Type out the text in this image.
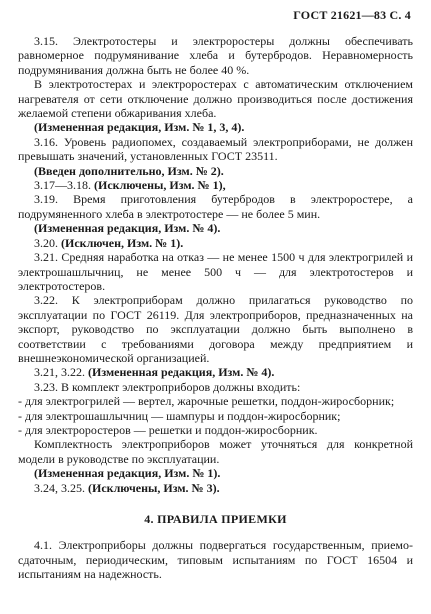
ГОСТ 21621—83 С. 4

3.15. Электротостеры и электроростеры должны обеспечивать равномерное подрумянивание хлеба и бутербродов. Неравномерность подрумянивания должна быть не более 40 %.

В электротостерах и электроростерах с автоматическим отключением нагревателя от сети отключение должно производиться после достижения желаемой степени обжаривания хлеба.

(Измененная редакция, Изм. № 1, 3, 4).

3.16. Уровень радиопомех, создаваемый электроприборами, не должен превышать значений, установленных ГОСТ 23511.

(Введен дополнительно, Изм. № 2).

3.17—3.18. (Исключены, Изм. № 1),

3.19. Время приготовления бутербродов в электроростере, а подрумяненного хлеба в электротостере — не более 5 мин.

(Измененная редакция, Изм. № 4).

3.20. (Исключен, Изм. № 1).

3.21. Средняя наработка на отказ — не менее 1500 ч для электрогрилей и электрошашлычниц, не менее 500 ч — для электротостеров и электротостеров.

3.22. К электроприборам должно прилагаться руководство по эксплуатации по ГОСТ 26119. Для электроприборов, предназначенных на экспорт, руководство по эксплуатации должно быть выполнено в соответствии с требованиями договора между предприятием и внешнеэкономической организацией.

3.21, 3.22. (Измененная редакция, Изм. № 4).

3.23. В комплект электроприборов должны входить:

- для электрогрилей — вертел, жарочные решетки, поддон-жиросборник;

- для электрошашлычниц — шампуры и поддон-жиросборник;

- для электроростеров — решетки и поддон-жиросборник.

Комплектность электроприборов может уточняться для конкретной модели в руководстве по эксплуатации.

(Измененная редакция, Изм. № 1).

3.24, 3.25. (Исключены, Изм. № 3).

4. ПРАВИЛА ПРИЕМКИ

4.1. Электроприборы должны подвергаться государственным, приемо-сдаточным, периодическим, типовым испытаниям по ГОСТ 16504 и испытаниям на надежность.
